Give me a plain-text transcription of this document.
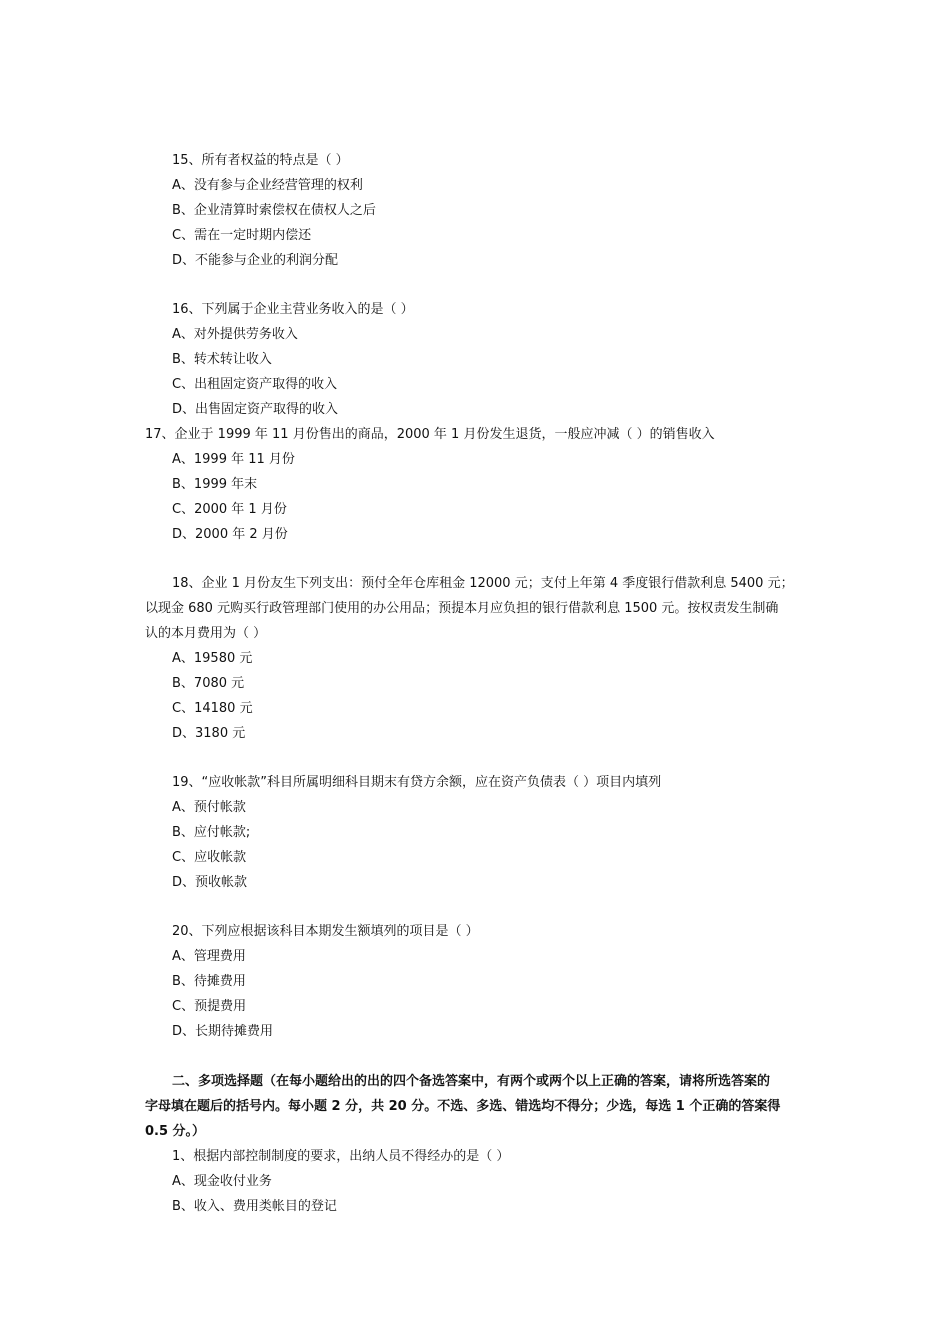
15、所有者权益的特点是（ ）
A、没有参与企业经营管理的权利
B、企业清算时索偿权在债权人之后
C、需在一定时期内偿还
D、不能参与企业的利润分配
16、下列属于企业主营业务收入的是（ ）
A、对外提供劳务收入
B、转术转让收入
C、出租固定资产取得的收入
D、出售固定资产取得的收入
17、企业于 1999 年 11 月份售出的商品，2000 年 1 月份发生退货，一般应冲减（ ）的销售收入
A、1999 年 11 月份
B、1999 年末
C、2000 年 1 月份
D、2000 年 2 月份
18、企业 1 月份友生下列支出：预付全年仓库租金 12000 元；支付上年第 4 季度银行借款利息 5400 元；
以现金 680 元购买行政管理部门使用的办公用品；预提本月应负担的银行借款利息 1500 元。按权责发生制确
认的本月费用为（ ）
A、19580 元
B、7080 元
C、14180 元
D、3180 元
19、“应收帐款”科目所属明细科目期末有贷方余额，应在资产负债表（ ）项目内填列
A、预付帐款
B、应付帐款;
C、应收帐款
D、预收帐款
20、下列应根据该科目本期发生额填列的项目是（ ）
A、管理费用
B、待摊费用
C、预提费用
D、长期待摊费用
二、多项选择题（在每小题给出的出的四个备选答案中，有两个或两个以上正确的答案，请将所选答案的
字母填在题后的括号内。每小题 2 分，共 20 分。不选、多选、错选均不得分；少选，每选 1 个正确的答案得
0.5 分。）
1、根据内部控制制度的要求，出纳人员不得经办的是（ ）
A、现金收付业务
B、收入、费用类帐目的登记
